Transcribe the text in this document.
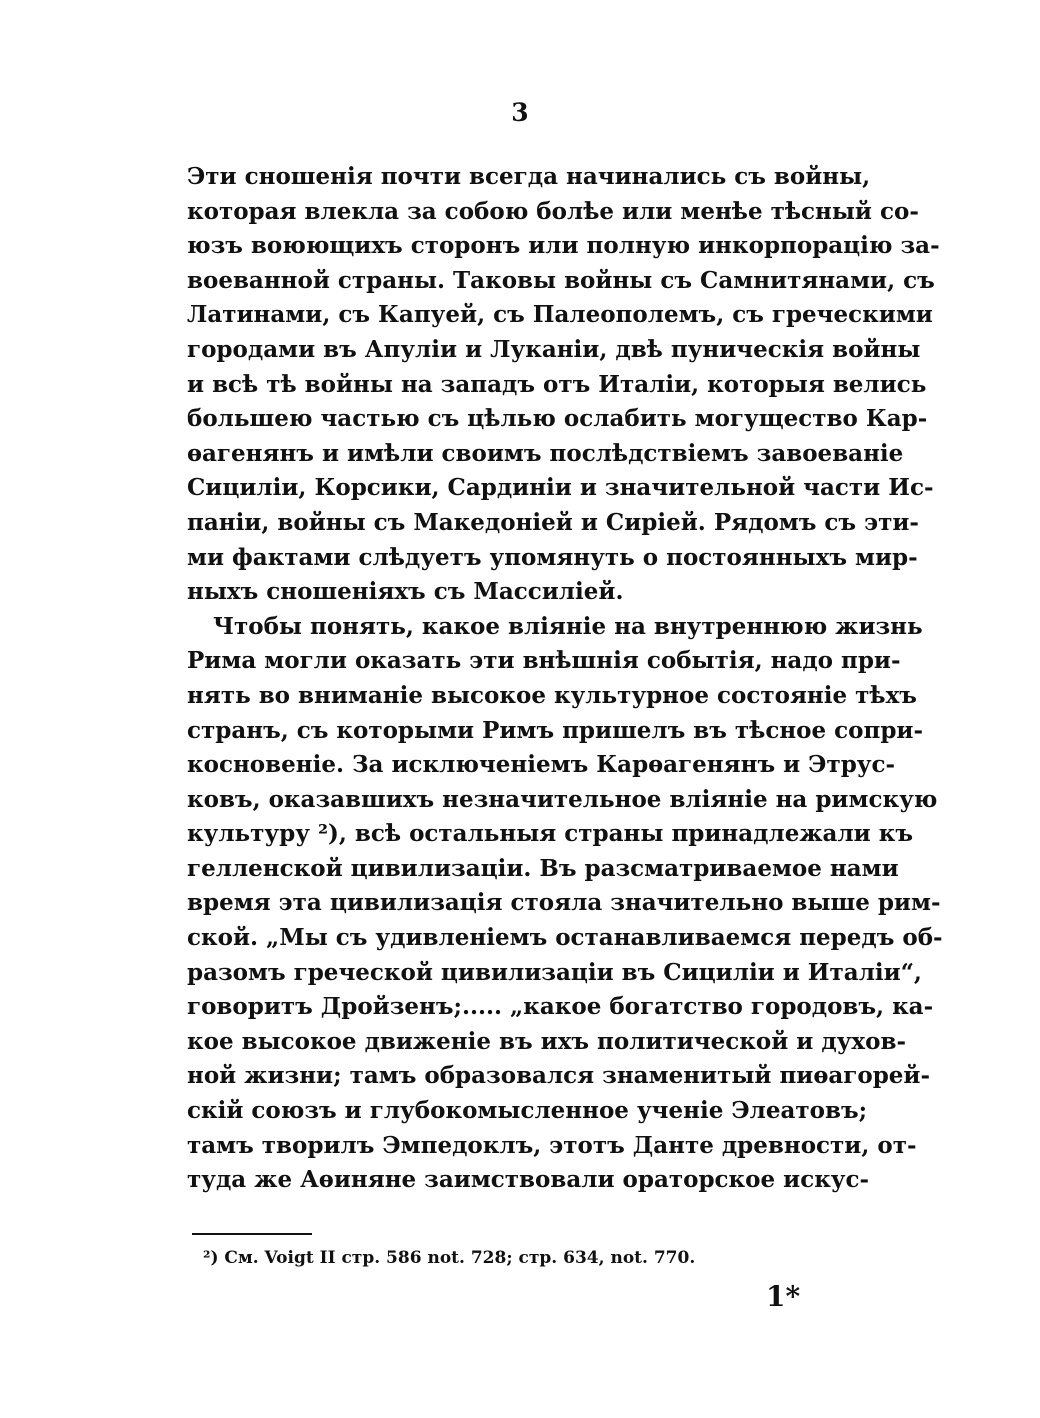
3
Эти сношенія почти всегда начинались съ войны,
которая влекла за собою болѣе или менѣе тѣсный со-
юзъ воюющихъ сторонъ или полную инкорпорацію за-
воеванной страны. Таковы войны съ Самнитянами, съ
Латинами, съ Капуей, съ Палеополемъ, съ греческими
городами въ Апуліи и Луканіи, двѣ пуническія войны
и всѣ тѣ войны на западъ отъ Италіи, которыя велись
большею частью съ цѣлью ослабить могущество Кар-
ѳагенянъ и имѣли своимъ послѣдствіемъ завоеваніе
Сициліи, Корсики, Сардиніи и значительной части Ис-
паніи, войны съ Македоніей и Сиріей. Рядомъ съ эти-
ми фактами слѣдуетъ упомянуть о постоянныхъ мир-
ныхъ сношеніяхъ съ Массиліей.
Чтобы понять, какое вліяніе на внутреннюю жизнь
Рима могли оказать эти внѣшнія событія, надо при-
нять во вниманіе высокое культурное состояніе тѣхъ
странъ, съ которыми Римъ пришелъ въ тѣсное сопри-
косновеніе. За исключеніемъ Карѳагенянъ и Этрус-
ковъ, оказавшихъ незначительное вліяніе на римскую
культуру ²), всѣ остальныя страны принадлежали къ
гелленской цивилизаціи. Въ разсматриваемое нами
время эта цивилизація стояла значительно выше рим-
ской. „Мы съ удивленіемъ останавливаемся передъ об-
разомъ греческой цивилизаціи въ Сициліи и Италіи“,
говоритъ Дройзенъ;..... „какое богатство городовъ, ка-
кое высокое движеніе въ ихъ политической и духов-
ной жизни; тамъ образовался знаменитый пиѳагорей-
скій союзъ и глубокомысленное ученіе Элеатовъ;
тамъ творилъ Эмпедоклъ, этотъ Данте древности, от-
туда же Аѳиняне заимствовали ораторское искус-
²) См. Voigt II стр. 586 not. 728; стр. 634, not. 770.
1*
